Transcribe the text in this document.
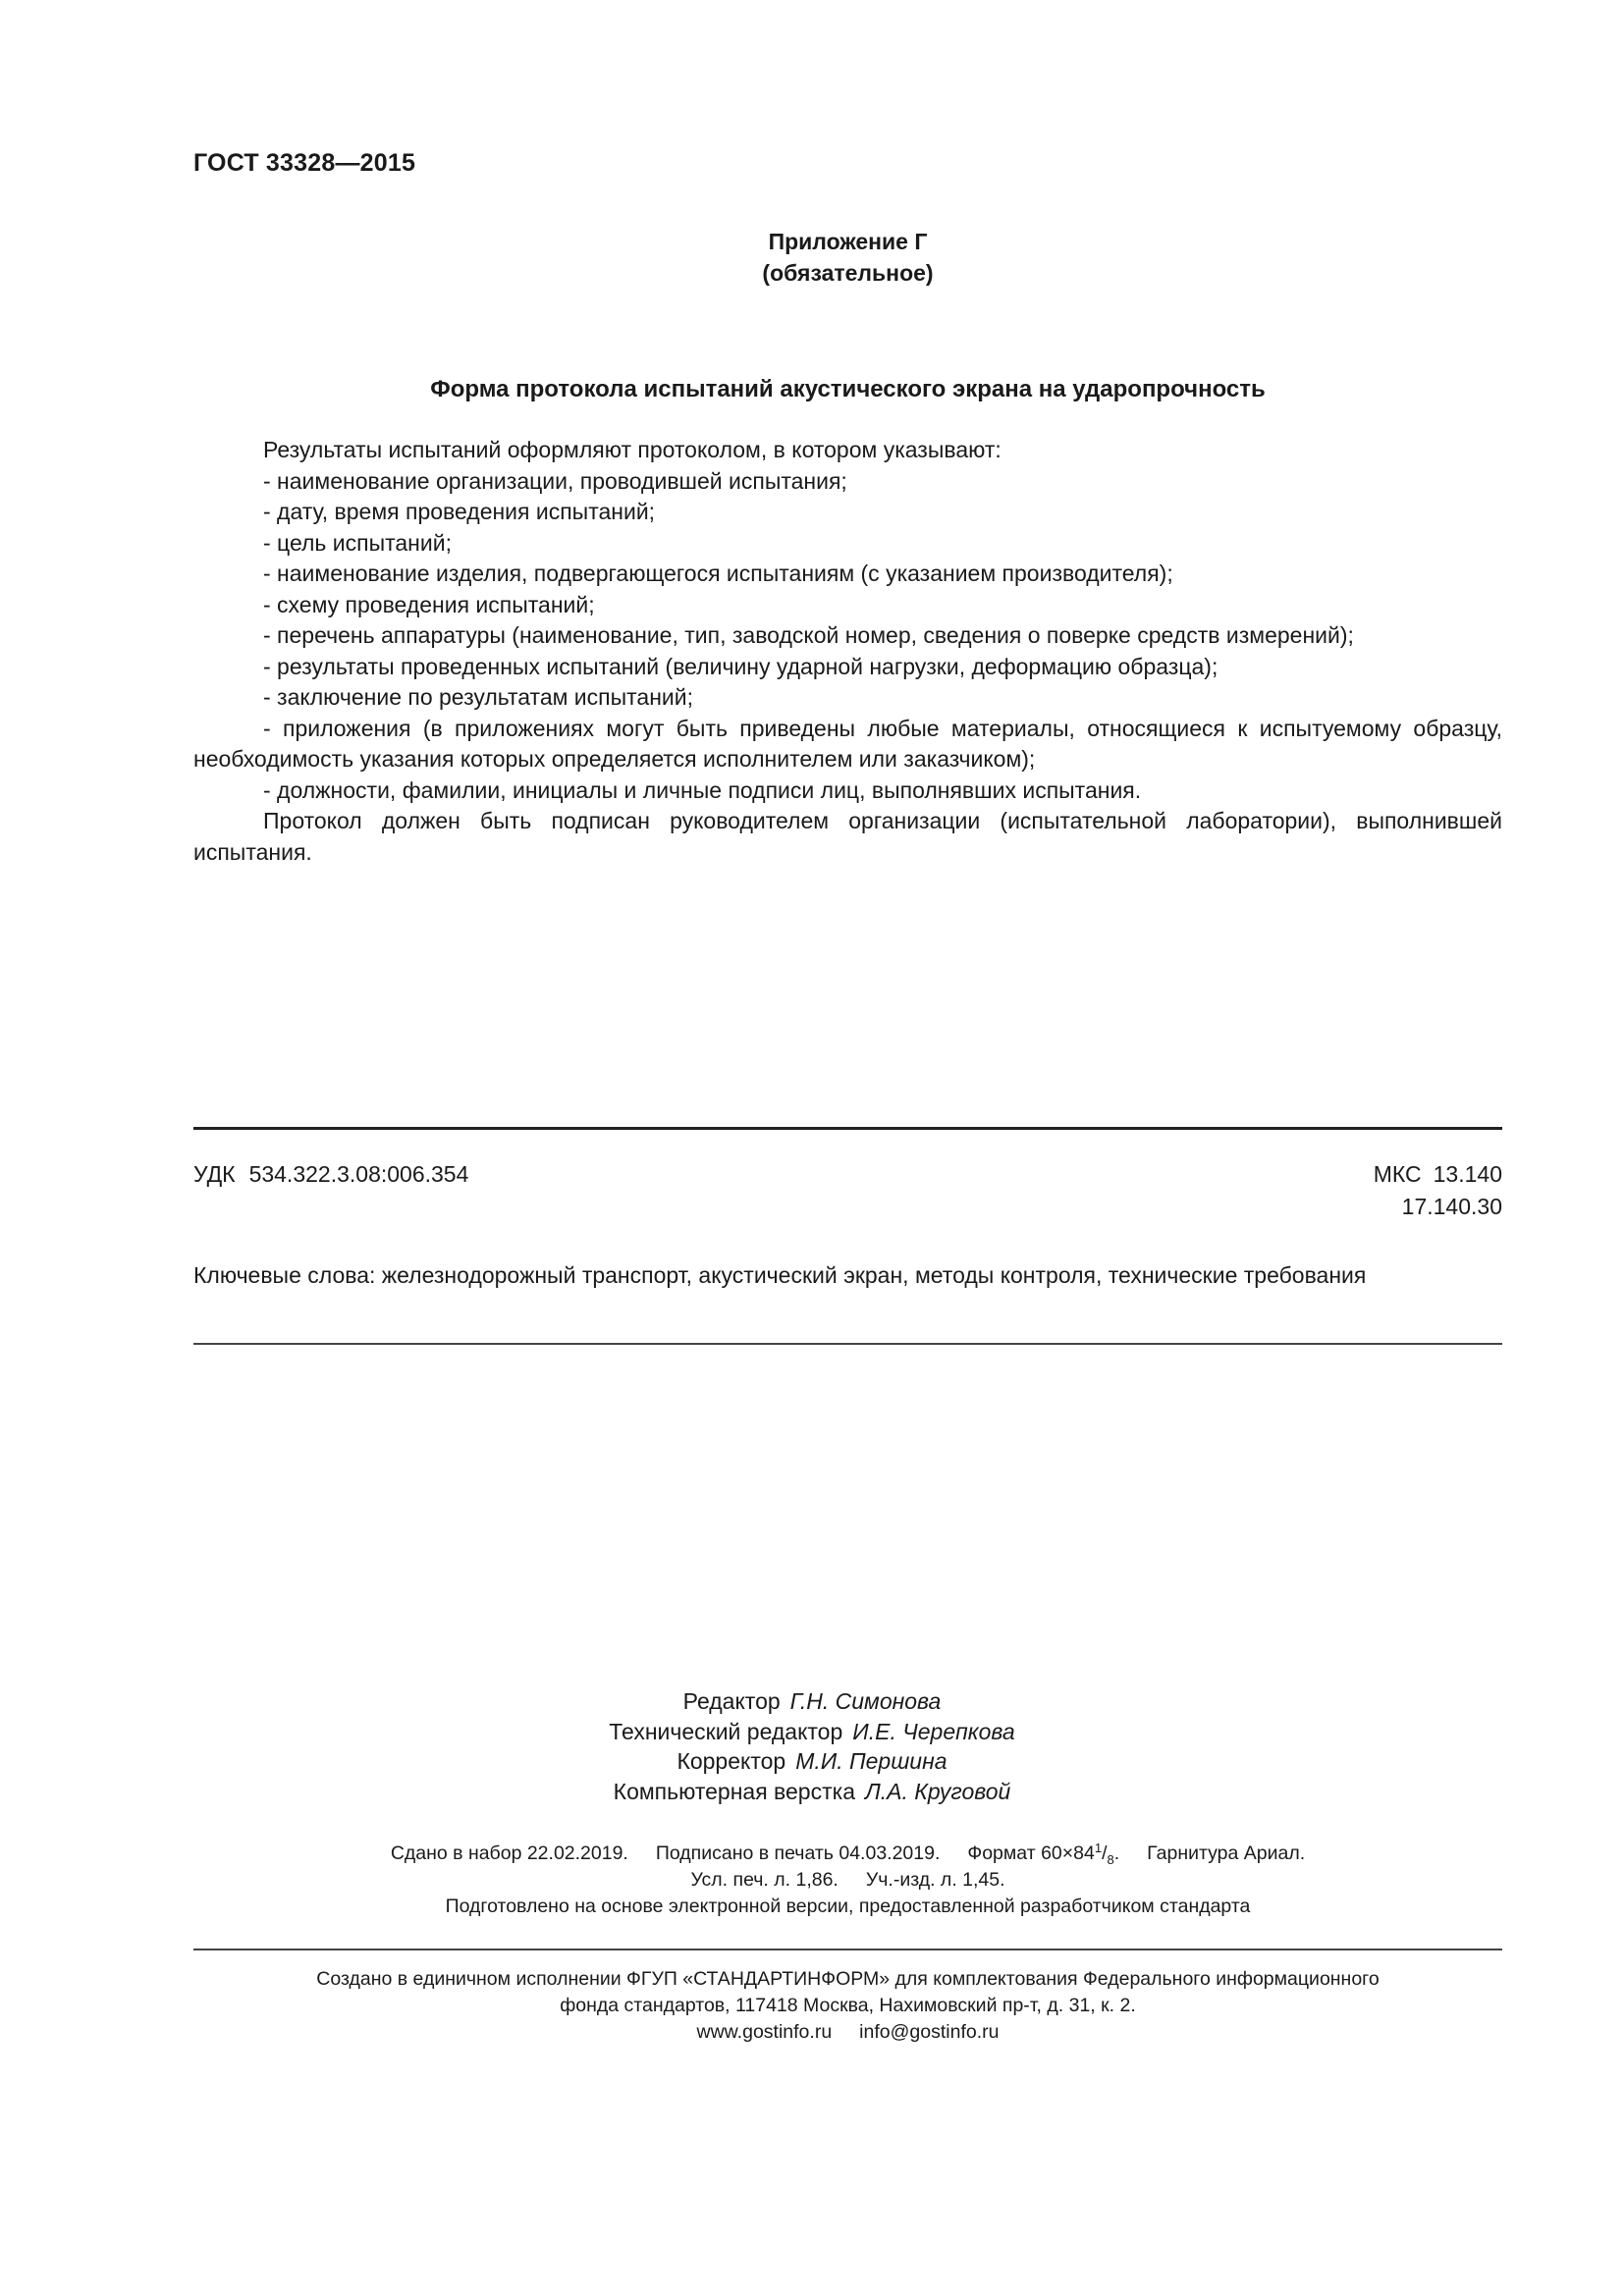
ГОСТ 33328—2015
Приложение Г
(обязательное)
Форма протокола испытаний акустического экрана на ударопрочность

Результаты испытаний оформляют протоколом, в котором указывают:

- наименование организации, проводившей испытания;

- дату, время проведения испытаний;

- цель испытаний;

- наименование изделия, подвергающегося испытаниям (с указанием производителя);

- схему проведения испытаний;

- перечень аппаратуры (наименование, тип, заводской номер, сведения о поверке средств измерений);

- результаты проведенных испытаний (величину ударной нагрузки, деформацию образца);

- заключение по результатам испытаний;

- приложения (в приложениях могут быть приведены любые материалы, относящиеся к испытуемому образцу, необходимость указания которых определяется исполнителем или заказчиком);

- должности, фамилии, инициалы и личные подписи лиц, выполнявших испытания.

Протокол должен быть подписан руководителем организации (испытательной лаборатории), выполнившей испытания.

УДК 534.322.3.08:006.354	МКС 13.140
17.140.30
Ключевые слова: железнодорожный транспорт, акустический экран, методы контроля, технические требования
Редактор Г.Н. Симонова
Технический редактор И.Е. Черепкова
Корректор М.И. Першина
Компьютерная верстка Л.А. Круговой
Сдано в набор 22.02.2019. Подписано в печать 04.03.2019. Формат $60\times 84^1/_8$. Гарнитура Ариал.
Усл. печ. л. 1,86. Уч.-изд. л. 1,45.
Подготовлено на основе электронной версии, предоставленной разработчиком стандарта
Создано в единичном исполнении ФГУП «СТАНДАРТИНФОРМ» для комплектования Федерального информационного
фонда стандартов, 117418 Москва, Нахимовский пр-т, д. 31, к. 2.
www.gostinfo.ru info@gostinfo.ru
